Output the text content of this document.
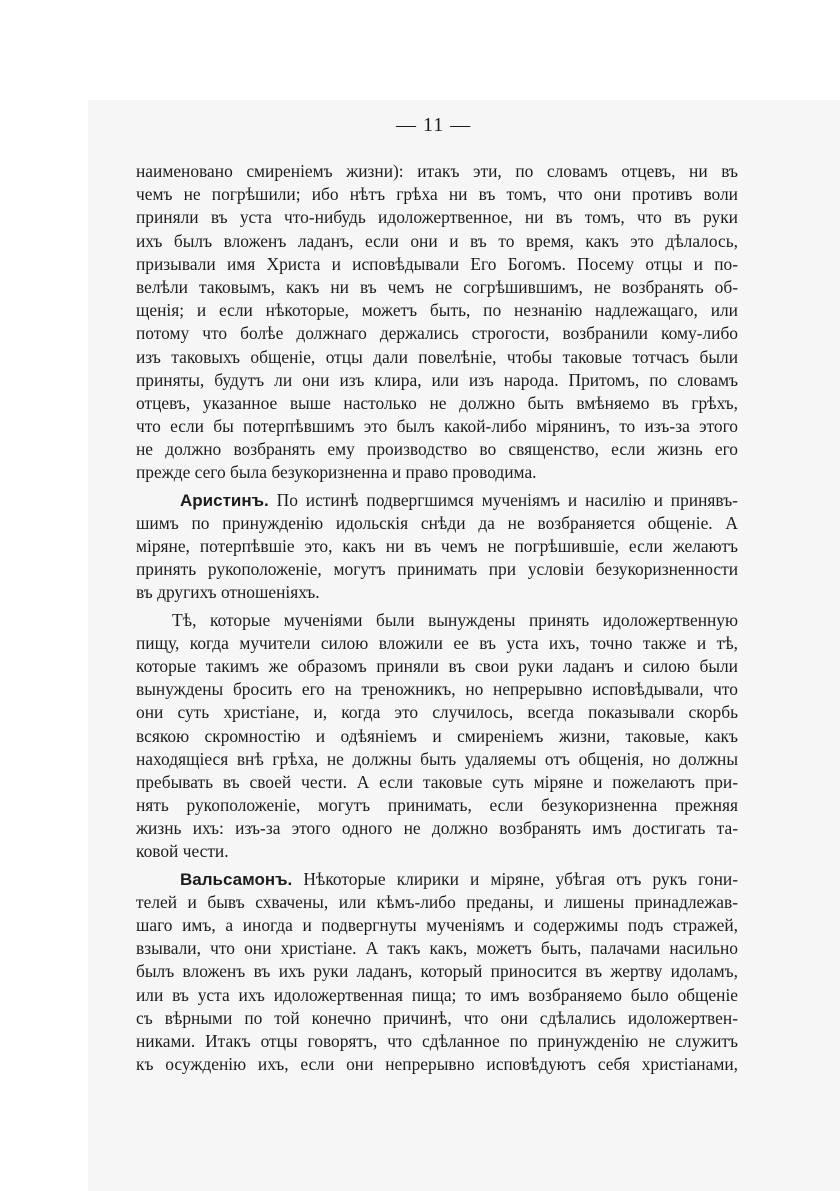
— 11 —
наименовано смиреніемъ жизни): итакъ эти, по словамъ отцевъ, ни въ
чемъ не погрѣшили; ибо нѣтъ грѣха ни въ томъ, что они противъ воли
приняли въ уста что-нибудь идоложертвенное, ни въ томъ, что въ руки
ихъ былъ вложенъ ладанъ, если они и въ то время, какъ это дѣлалось,
призывали имя Христа и исповѣдывали Его Богомъ. Посему отцы и по-
велѣли таковымъ, какъ ни въ чемъ не согрѣшившимъ, не возбранять об-
щенія; и если нѣкоторые, можетъ быть, по незнанію надлежащаго, или
потому что болѣе должнаго держались строгости, возбранили кому-либо
изъ таковыхъ общеніе, отцы дали повелѣніе, чтобы таковые тотчасъ были
приняты, будутъ ли они изъ клира, или изъ народа. Притомъ, по словамъ
отцевъ, указанное выше настолько не должно быть вмѣняемо въ грѣхъ,
что если бы потерпѣвшимъ это былъ какой-либо мірянинъ, то изъ-за этого
не должно возбранять ему производство во священство, если жизнь его
прежде сего была безукоризненна и право проводима.
Аристинъ. По истинѣ подвергшимся мученіямъ и насилію и принявъ-
шимъ по принужденію идольскія снѣди да не возбраняется общеніе. А
міряне, потерпѣвшіе это, какъ ни въ чемъ не погрѣшившіе, если желаютъ
принять рукоположеніе, могутъ принимать при условіи безукоризненности
въ другихъ отношеніяхъ.
Тѣ, которые мученіями были вынуждены принять идоложертвенную
пищу, когда мучители силою вложили ее въ уста ихъ, точно также и тѣ,
которые такимъ же образомъ приняли въ свои руки ладанъ и силою были
вынуждены бросить его на треножникъ, но непрерывно исповѣдывали, что
они суть христіане, и, когда это случилось, всегда показывали скорбь
всякою скромностію и одѣяніемъ и смиреніемъ жизни, таковые, какъ
находящіеся внѣ грѣха, не должны быть удаляемы отъ общенія, но должны
пребывать въ своей чести. А если таковые суть міряне и пожелаютъ при-
нять рукоположеніе, могутъ принимать, если безукоризненна прежняя
жизнь ихъ: изъ-за этого одного не должно возбранять имъ достигать та-
ковой чести.
Вальсамонъ. Нѣкоторые клирики и міряне, убѣгая отъ рукъ гони-
телей и бывъ схвачены, или кѣмъ-либо преданы, и лишены принадлежав-
шаго имъ, а иногда и подвергнуты мученіямъ и содержимы подъ стражей,
взывали, что они христіане. А такъ какъ, можетъ быть, палачами насильно
былъ вложенъ въ ихъ руки ладанъ, который приносится въ жертву идоламъ,
или въ уста ихъ идоложертвенная пища; то имъ возбраняемо было общеніе
съ вѣрными по той конечно причинѣ, что они сдѣлались идоложертвен-
никами. Итакъ отцы говорятъ, что сдѣланное по принужденію не служитъ
къ осужденію ихъ, если они непрерывно исповѣдуютъ себя христіанами,
